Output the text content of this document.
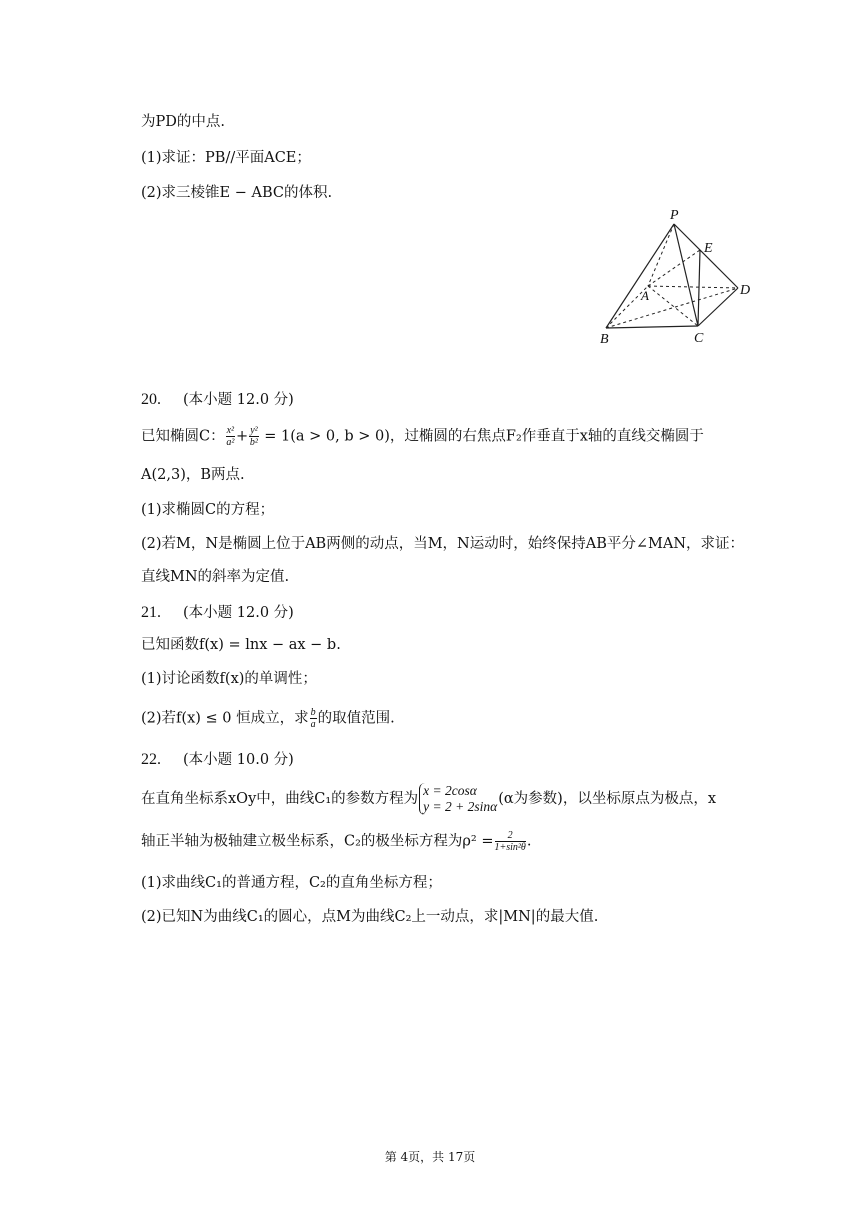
为PD的中点.
(1)求证：PB//平面ACE；
(2)求三棱锥E − ABC的体积.
P
E
A	D
B	C
20. (本小题 12.0 分)
已知椭圆C： $\frac{\text{x²}}{\text{a²}} + \frac{\text{y²}}{\text{b²}} = 1(a > 0$, b > 0)，过椭圆的右焦点F₂作垂直于x轴的直线交椭圆于
A(2,3)，B两点.
(1)求椭圆C的方程；
(2)若M，N是椭圆上位于AB两侧的动点，当M，N运动时，始终保持AB平分∠MAN，求证：
直线MN的斜率为定值.
21. (本小题 12.0 分)
已知函数f(x) = lnx − ax − b.
(1)讨论函数f(x)的单调性；
(2)若f(x) ≤ 0 恒成立，求 $\frac{b}{a}$ 的取值范围.
22. (本小题 10.0 分)
在直角坐标系xOy中，曲线C₁的参数方程为
x = 2cosα
y = 2 + 2sinα (α为参数)，以坐标原点为极点，x
轴正半轴为极轴建立极坐标系，C₂的极坐标方程为$\rho^2 = \frac{2}{\text{1+sin²θ}}$ .
(1)求曲线C₁的普通方程，C₂的直角坐标方程；
(2)已知N为曲线C₁的圆心，点M为曲线C₂上一动点，求|MN|的最大值.
第 4页，共 17页
